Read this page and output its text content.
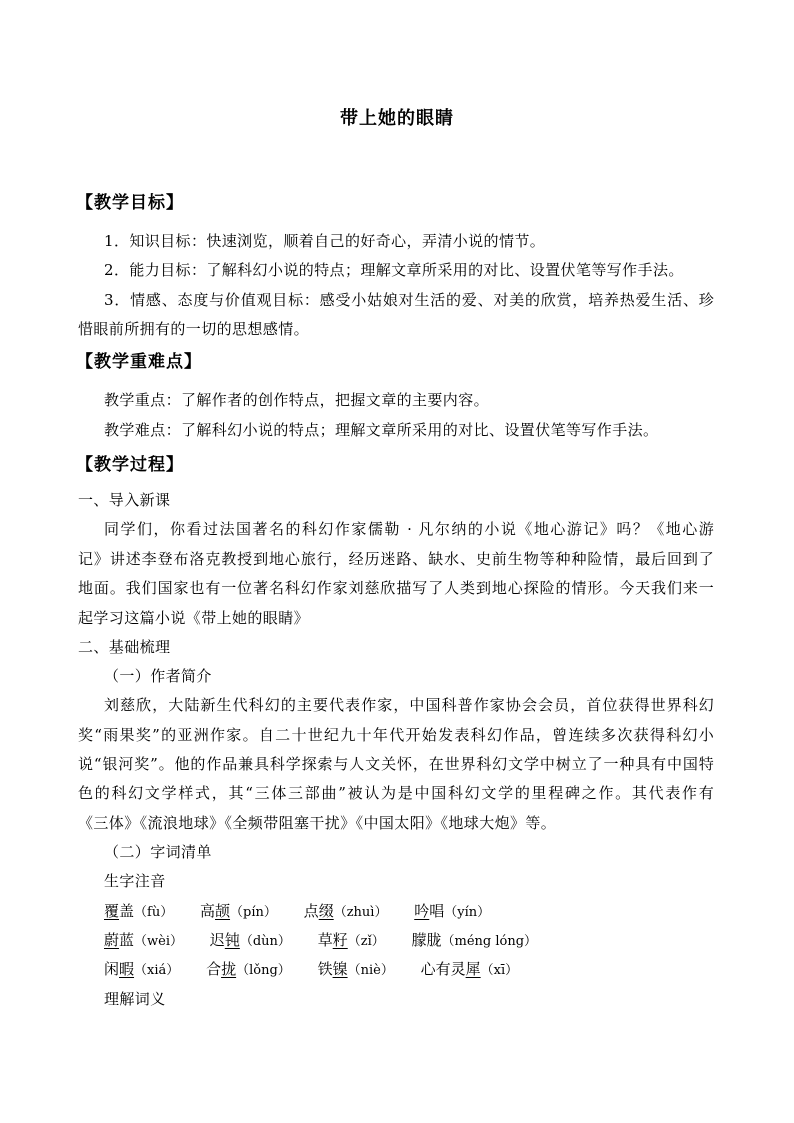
带上她的眼睛
【教学目标】
1．知识目标：快速浏览，顺着自己的好奇心，弄清小说的情节。
2．能力目标：了解科幻小说的特点；理解文章所采用的对比、设置伏笔等写作手法。
3．情感、态度与价值观目标：感受小姑娘对生活的爱、对美的欣赏，培养热爱生活、珍
惜眼前所拥有的一切的思想感情。
【教学重难点】
教学重点：了解作者的创作特点，把握文章的主要内容。
教学难点：了解科幻小说的特点；理解文章所采用的对比、设置伏笔等写作手法。
【教学过程】
一、导入新课
同学们，你看过法国著名的科幻作家儒勒 · 凡尔纳的小说《地心游记》吗？《地心游
记》讲述李登布洛克教授到地心旅行，经历迷路、缺水、史前生物等种种险情，最后回到了
地面。我们国家也有一位著名科幻作家刘慈欣描写了人类到地心探险的情形。今天我们来一
起学习这篇小说《带上她的眼睛》
二、基础梳理
（一）作者简介
刘慈欣，大陆新生代科幻的主要代表作家，中国科普作家协会会员，首位获得世界科幻
奖“雨果奖”的亚洲作家。自二十世纪九十年代开始发表科幻作品，曾连续多次获得科幻小
说“银河奖”。他的作品兼具科学探索与人文关怀，在世界科幻文学中树立了一种具有中国特
色的科幻文学样式，其“三体三部曲”被认为是中国科幻文学的里程碑之作。其代表作有
《三体》《流浪地球》《全频带阻塞干扰》《中国太阳》《地球大炮》等。
（二）字词清单
生字注音
覆盖（fù） 高颉（pín） 点缀（zhuì） 吟唱（yín）
蔚蓝（wèi） 迟钝（dùn） 草籽（zǐ） 朦胧（méng lóng）
闲暇（xiá） 合拢（lǒng） 铁镍（niè） 心有灵犀（xī）
理解词义
